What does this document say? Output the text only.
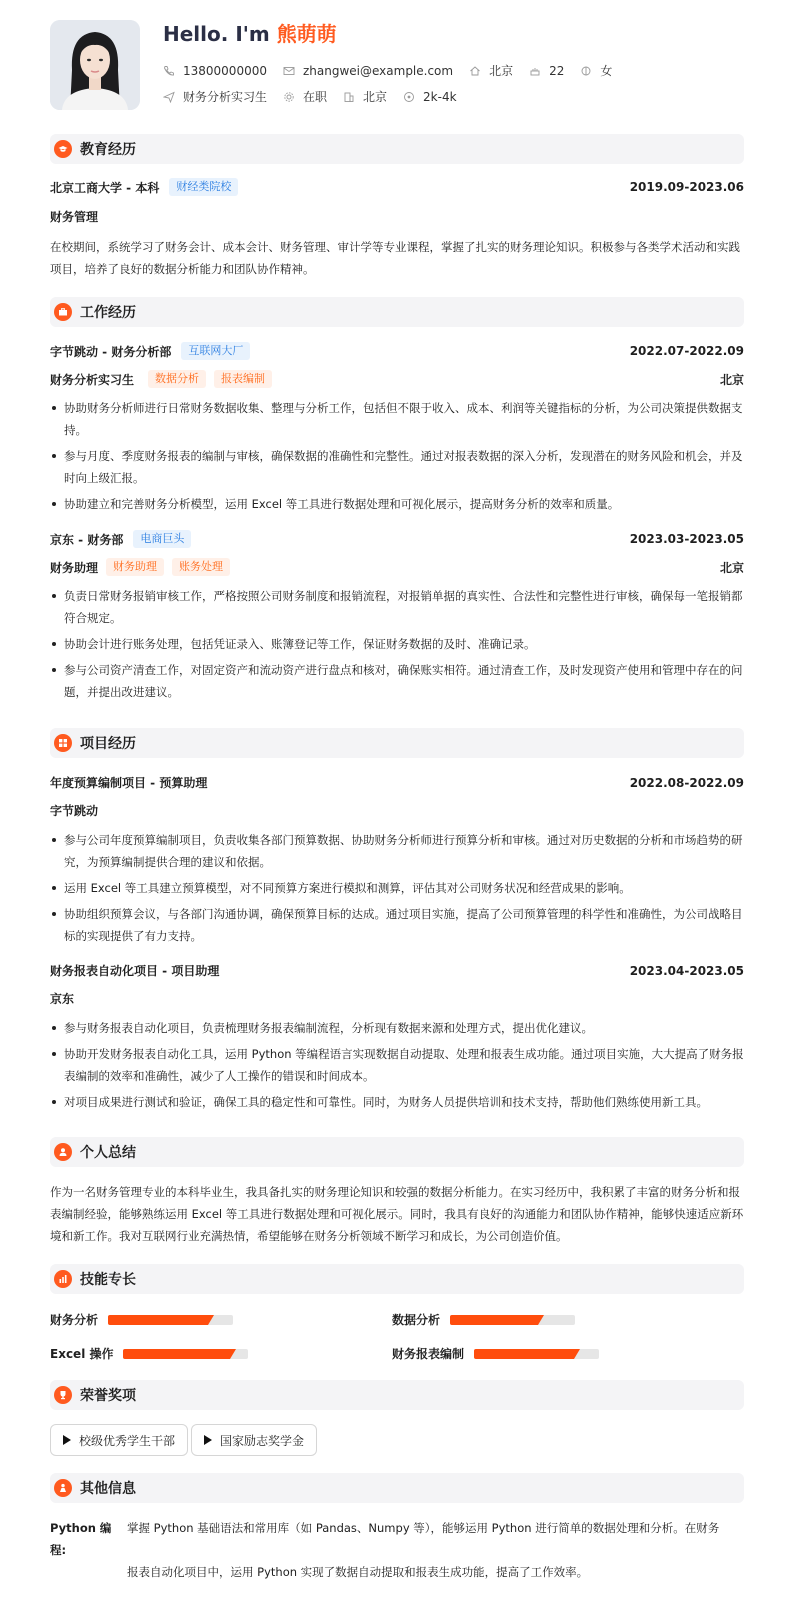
Hello. I'm 熊萌萌
13800000000	zhangwei@example.com	北京	22	女
财务分析实习生	在职	北京	2k-4k
教育经历
北京工商大学 - 本科	财经类院校	2019.09-2023.06
财务管理
在校期间，系统学习了财务会计、成本会计、财务管理、审计学等专业课程，掌握了扎实的财务理论知识。积极参与各类学术活动和实践项目，培养了良好的数据分析能力和团队协作精神。
工作经历
字节跳动 - 财务分析部	互联网大厂	2022.07-2022.09
财务分析实习生	数据分析	报表编制	北京
协助财务分析师进行日常财务数据收集、整理与分析工作，包括但不限于收入、成本、利润等关键指标的分析，为公司决策提供数据支持。
参与月度、季度财务报表的编制与审核，确保数据的准确性和完整性。通过对报表数据的深入分析，发现潜在的财务风险和机会，并及时向上级汇报。
协助建立和完善财务分析模型，运用 Excel 等工具进行数据处理和可视化展示，提高财务分析的效率和质量。
京东 - 财务部	电商巨头	2023.03-2023.05
财务助理	财务助理	账务处理	北京
负责日常财务报销审核工作，严格按照公司财务制度和报销流程，对报销单据的真实性、合法性和完整性进行审核，确保每一笔报销都符合规定。
协助会计进行账务处理，包括凭证录入、账簿登记等工作，保证财务数据的及时、准确记录。
参与公司资产清查工作，对固定资产和流动资产进行盘点和核对，确保账实相符。通过清查工作，及时发现资产使用和管理中存在的问题，并提出改进建议。
项目经历
年度预算编制项目 - 预算助理	2022.08-2022.09
字节跳动
参与公司年度预算编制项目，负责收集各部门预算数据、协助财务分析师进行预算分析和审核。通过对历史数据的分析和市场趋势的研究，为预算编制提供合理的建议和依据。
运用 Excel 等工具建立预算模型，对不同预算方案进行模拟和测算，评估其对公司财务状况和经营成果的影响。
协助组织预算会议，与各部门沟通协调，确保预算目标的达成。通过项目实施，提高了公司预算管理的科学性和准确性，为公司战略目标的实现提供了有力支持。
财务报表自动化项目 - 项目助理	2023.04-2023.05
京东
参与财务报表自动化项目，负责梳理财务报表编制流程，分析现有数据来源和处理方式，提出优化建议。
协助开发财务报表自动化工具，运用 Python 等编程语言实现数据自动提取、处理和报表生成功能。通过项目实施，大大提高了财务报表编制的效率和准确性，减少了人工操作的错误和时间成本。
对项目成果进行测试和验证，确保工具的稳定性和可靠性。同时，为财务人员提供培训和技术支持，帮助他们熟练使用新工具。
个人总结
作为一名财务管理专业的本科毕业生，我具备扎实的财务理论知识和较强的数据分析能力。在实习经历中，我积累了丰富的财务分析和报表编制经验，能够熟练运用 Excel 等工具进行数据处理和可视化展示。同时，我具有良好的沟通能力和团队协作精神，能够快速适应新环境和新工作。我对互联网行业充满热情，希望能够在财务分析领域不断学习和成长，为公司创造价值。
技能专长
财务分析	数据分析
Excel 操作	财务报表编制
荣誉奖项
校级优秀学生干部	国家励志奖学金
其他信息
Python 编程:
掌握 Python 基础语法和常用库（如 Pandas、Numpy 等），能够运用 Python 进行简单的数据处理和分析。在财务
报表自动化项目中，运用 Python 实现了数据自动提取和报表生成功能，提高了工作效率。
